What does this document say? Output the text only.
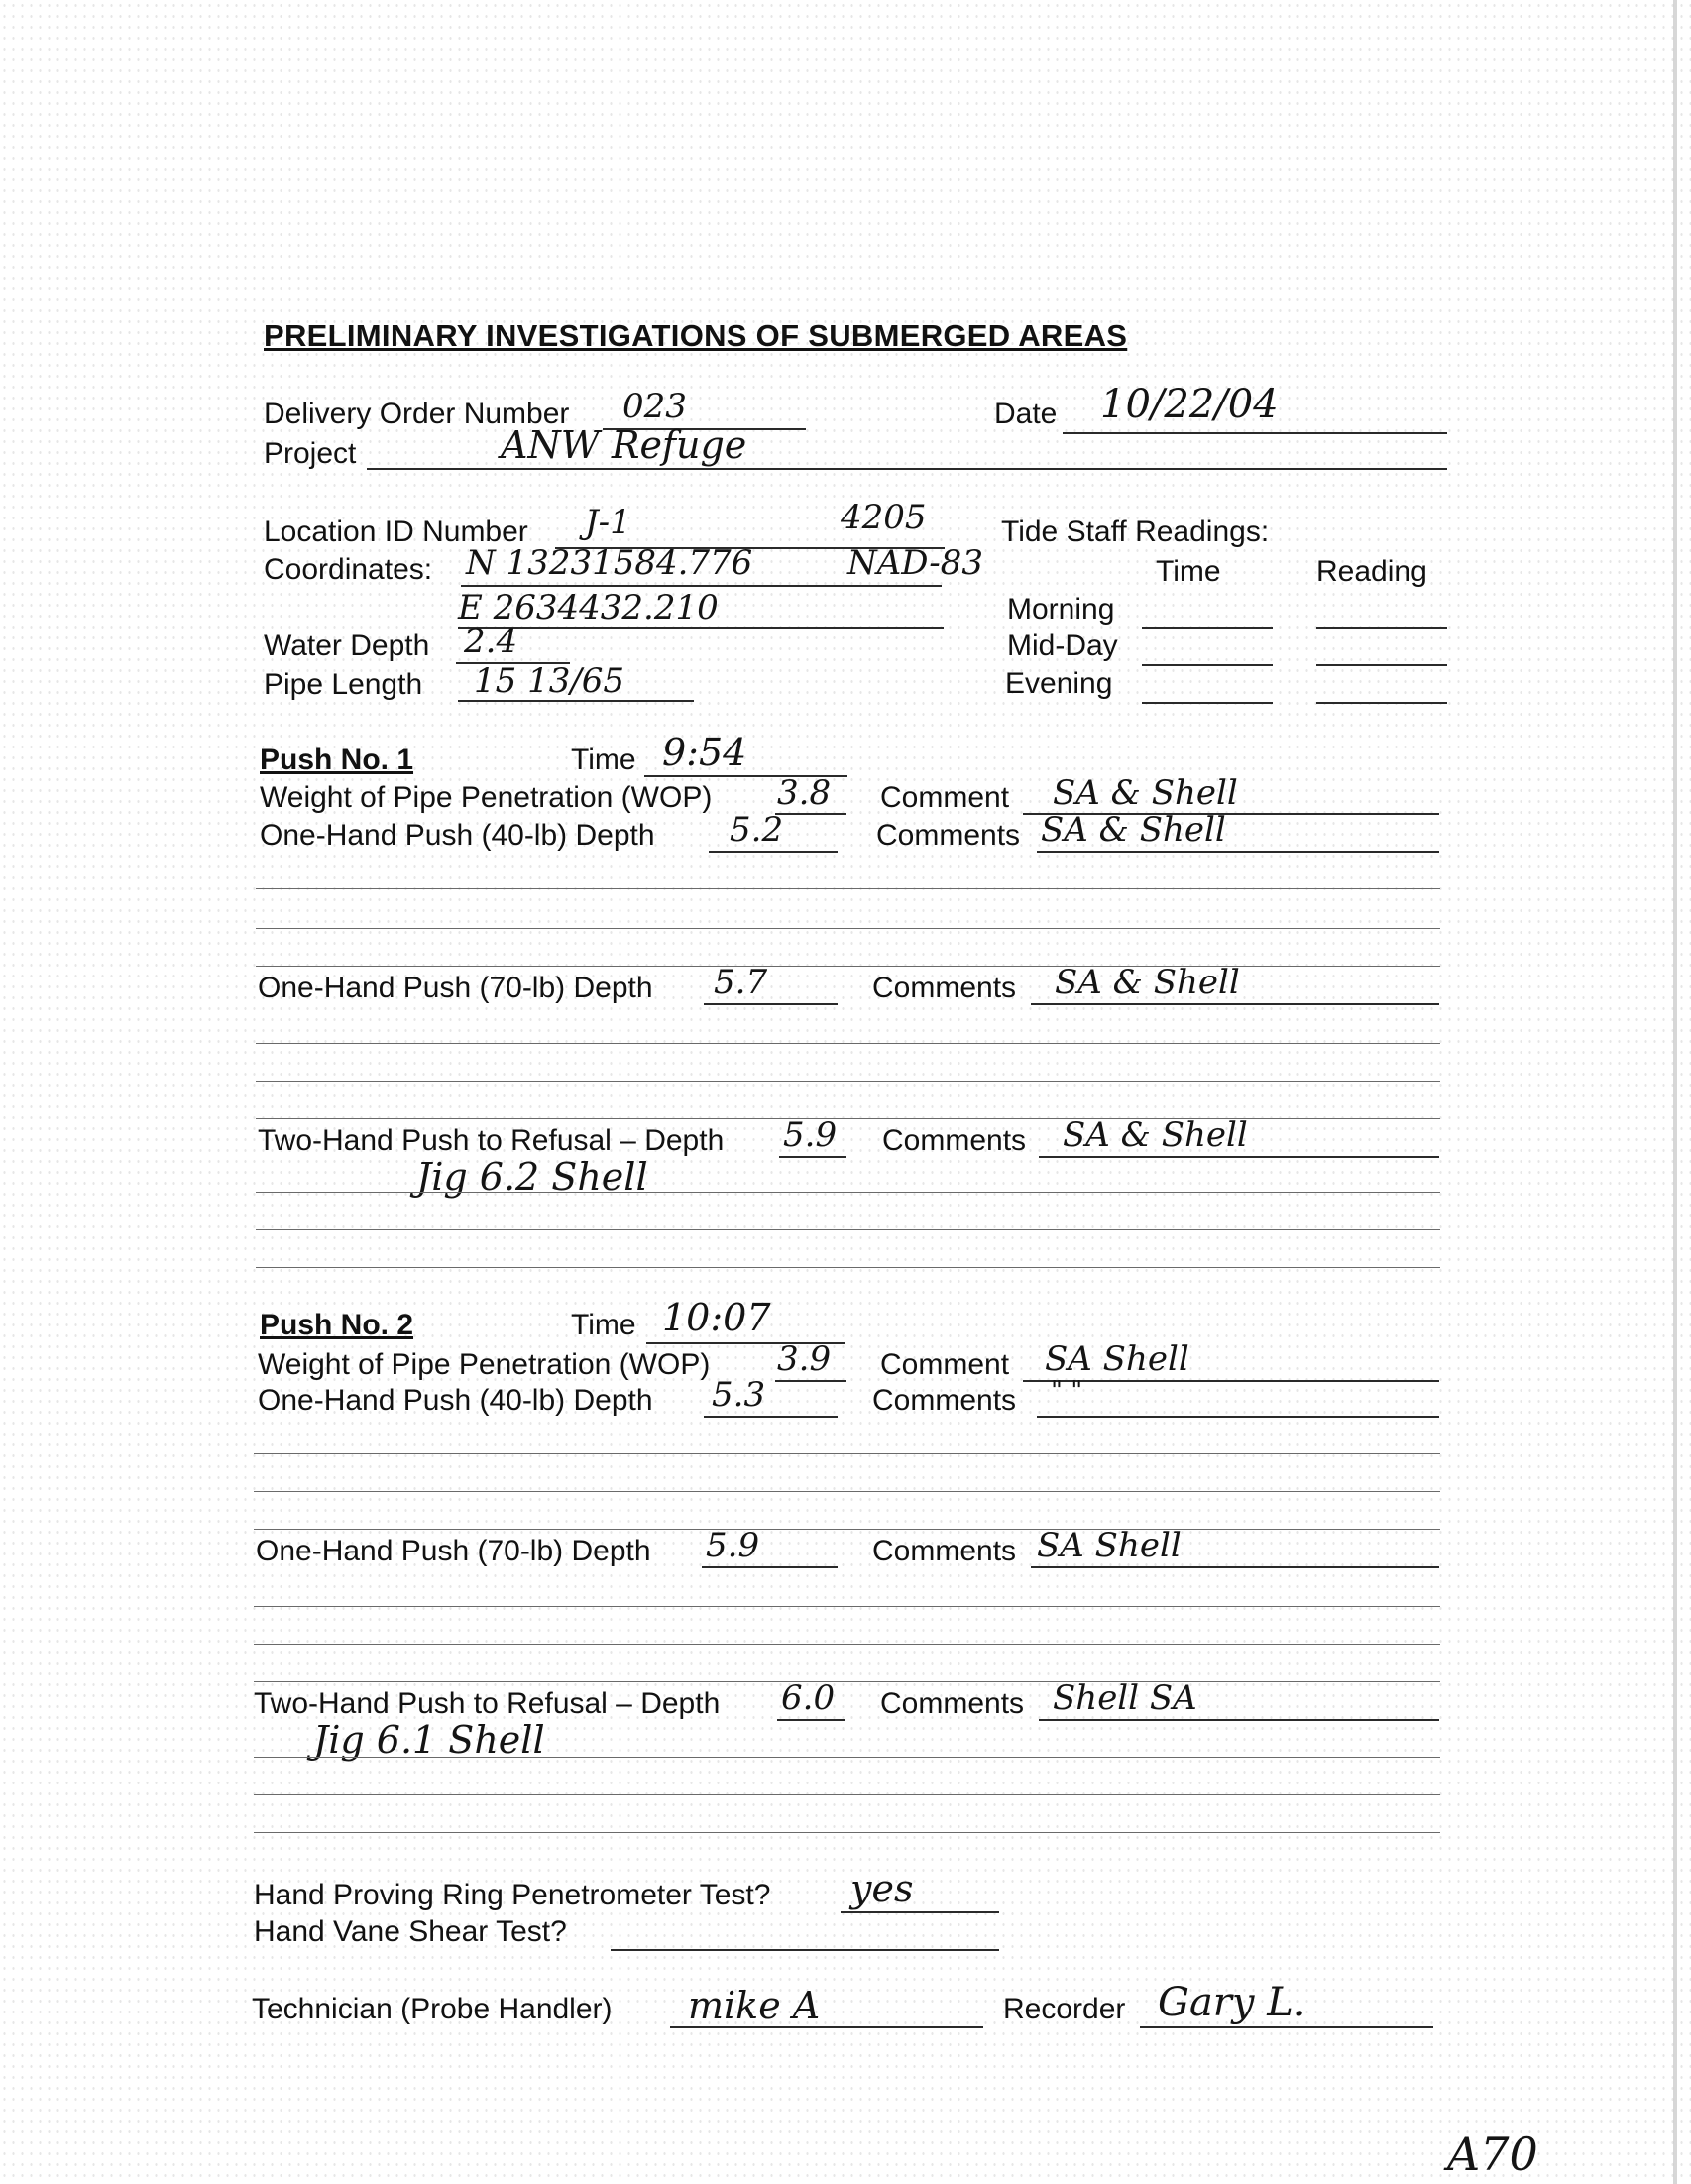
PRELIMINARY INVESTIGATIONS OF SUBMERGED AREAS
Delivery Order Number 023	Date 10/22/04
Project	ANW Refuge
Location ID Number J-1	4205	Tide Staff Readings:
Coordinates: N 13231584.776	NAD-83	Time	Reading
E 2634432.210	Morning
Water Depth 2.4	Mid-Day
Pipe Length 15 13/65	Evening
Push No. 1	Time 9:54
Weight of Pipe Penetration (WOP) 3.8 Comment SA & Shell
One-Hand Push (40-lb) Depth 5.2	Comments SA & Shell
One-Hand Push (70-lb) Depth 5.7	Comments SA & Shell
Two-Hand Push to Refusal – Depth 5.9 Comments SA & Shell
Jig 6.2 Shell
Push No. 2	Time 10:07
Weight of Pipe Penetration (WOP) 3.9 Comment SA Shell
One-Hand Push (40-lb) Depth 5.3	Comments " "
One-Hand Push (70-lb) Depth 5.9	Comments SA Shell
Two-Hand Push to Refusal – Depth 6.0 Comments Shell SA
Jig 6.1 Shell
Hand Proving Ring Penetrometer Test? yes
Hand Vane Shear Test?
Technician (Probe Handler) mike A	Recorder Gary L.
A70
